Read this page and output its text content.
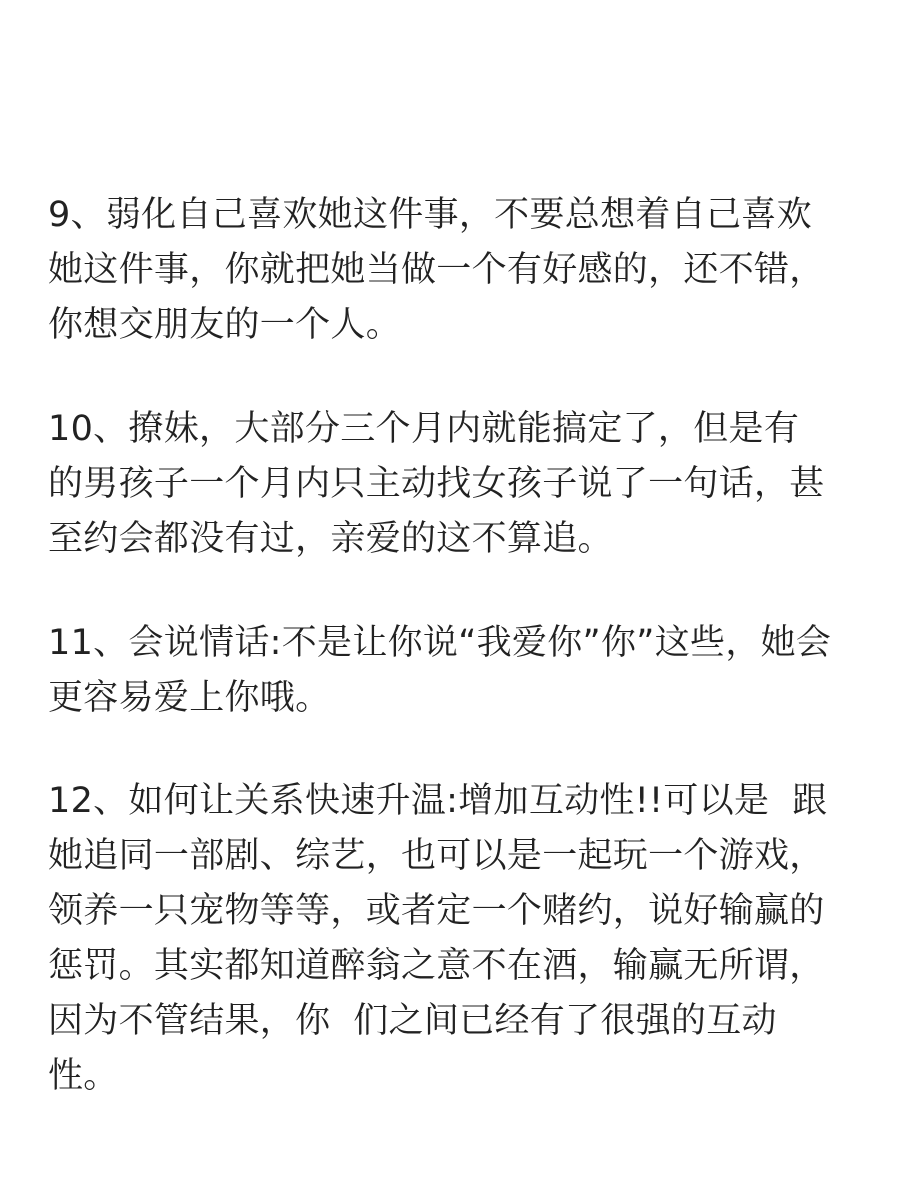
9、弱化自己喜欢她这件事，不要总想着自己喜欢
她这件事，你就把她当做一个有好感的，还不错，
你想交朋友的一个人。
10、撩妹，大部分三个月内就能搞定了，但是有
的男孩子一个月内只主动找女孩子说了一句话，甚
至约会都没有过，亲爱的这不算追。
11、会说情话:不是让你说“我爱你”你”这些，她会
更容易爱上你哦。
12、如何让关系快速升温:增加互动性!!可以是  跟
她追同一部剧、综艺，也可以是一起玩一个游戏，
领养一只宠物等等，或者定一个赌约，说好输赢的
惩罚。其实都知道醉翁之意不在酒，输赢无所谓，
因为不管结果，你  们之间已经有了很强的互动
性。
